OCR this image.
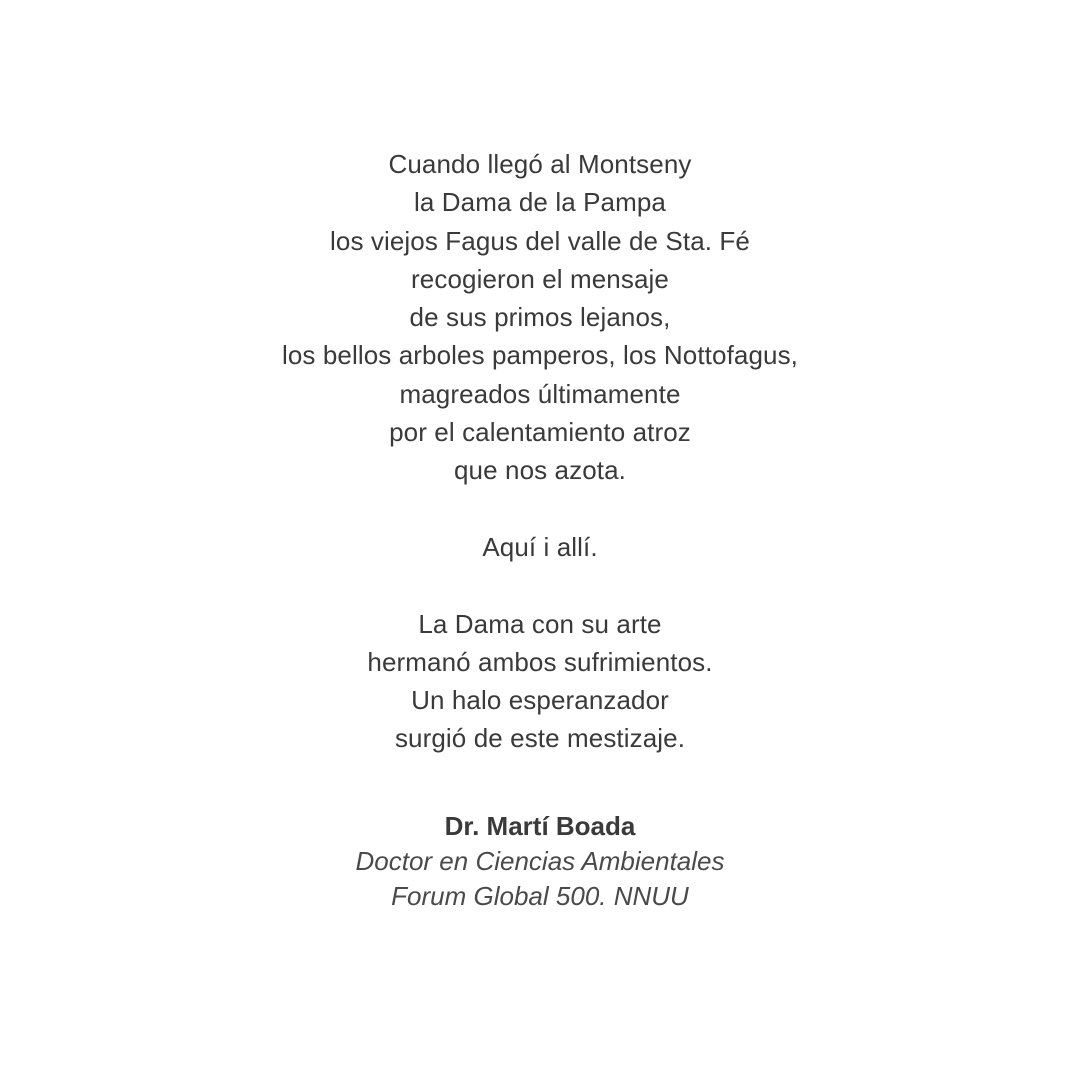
Cuando llegó al Montseny
la Dama de la Pampa
los viejos Fagus del valle de Sta. Fé
recogieron el mensaje
de sus primos lejanos,
los bellos arboles pamperos, los Nottofagus,
magreados últimamente
por el calentamiento atroz
que nos azota.
Aquí i allí.
La Dama con su arte
hermanó ambos sufrimientos.
Un halo esperanzador
surgió de este mestizaje.
Dr. Martí Boada
Doctor en Ciencias Ambientales
Forum Global 500. NNUU
